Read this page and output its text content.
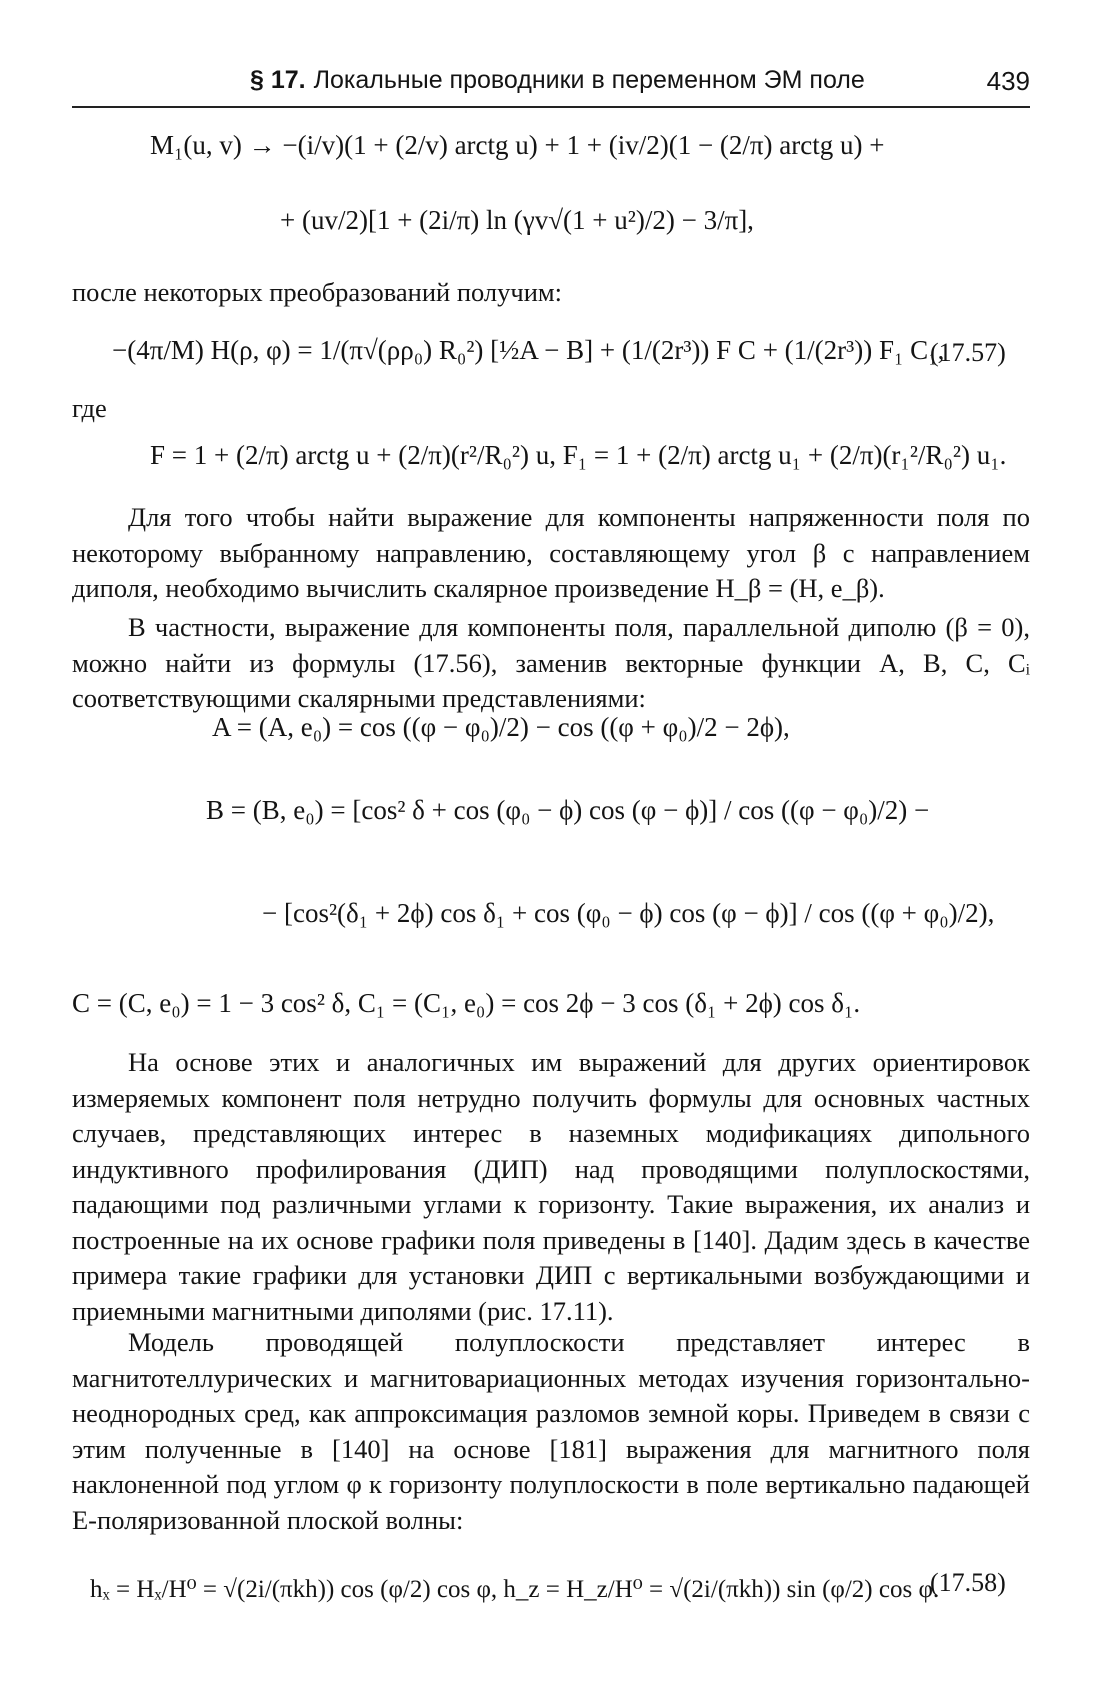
§ 17. Локальные проводники в переменном ЭМ поле	439
M₁(u, v) → −(i/v)(1 + (2/v) arctg u) + 1 + (iv/2)(1 − (2/π) arctg u) +
+ (uv/2)[1 + (2i/π) ln (γv√(1 + u²)/2) − 3/π],
после некоторых преобразований получим:
−(4π/M) H(ρ, φ) = 1/(π√(ρρ₀) R₀²) [½A − B] + (1/(2r³)) F C + (1/(2r³)) F₁ C₁,
(17.57)
где
F = 1 + (2/π) arctg u + (2/π)(r²/R₀²) u, F₁ = 1 + (2/π) arctg u₁ + (2/π)(r₁²/R₀²) u₁.
Для того чтобы найти выражение для компоненты напряженности поля по некоторому выбранному направлению, составляющему угол β с направлением диполя, необходимо вычислить скалярное произведение H_β = (H, e_β).
В частности, выражение для компоненты поля, параллельной диполю (β = 0), можно найти из формулы (17.56), заменив векторные функции A, B, C, Cᵢ соответствующими скалярными представлениями:
A = (A, e₀) = cos ((φ − φ₀)/2) − cos ((φ + φ₀)/2 − 2ϕ),
B = (B, e₀) = [cos² δ + cos (φ₀ − ϕ) cos (φ − ϕ)] / cos ((φ − φ₀)/2) −
− [cos²(δ₁ + 2ϕ) cos δ₁ + cos (φ₀ − ϕ) cos (φ − ϕ)] / cos ((φ + φ₀)/2),
C = (C, e₀) = 1 − 3 cos² δ, C₁ = (C₁, e₀) = cos 2ϕ − 3 cos (δ₁ + 2ϕ) cos δ₁.
На основе этих и аналогичных им выражений для других ориентировок измеряемых компонент поля нетрудно получить формулы для основных частных случаев, представляющих интерес в наземных модификациях дипольного индуктивного профилирования (ДИП) над проводящими полуплоскостями, падающими под различными углами к горизонту. Такие выражения, их анализ и построенные на их основе графики поля приведены в [140]. Дадим здесь в качестве примера такие графики для установки ДИП с вертикальными возбуждающими и приемными магнитными диполями (рис. 17.11).
Модель проводящей полуплоскости представляет интерес в магнитотеллурических и магнитовариационных методах изучения горизонтально-неоднородных сред, как аппроксимация разломов земной коры. Приведем в связи с этим полученные в [140] на основе [181] выражения для магнитного поля наклоненной под углом φ к горизонту полуплоскости в поле вертикально падающей E-поляризованной плоской волны:
hₓ = Hₓ/H⁰ = √(2i/(πkh)) cos (φ/2) cos φ, h_z = H_z/H⁰ = √(2i/(πkh)) sin (φ/2) cos φ.
(17.58)
